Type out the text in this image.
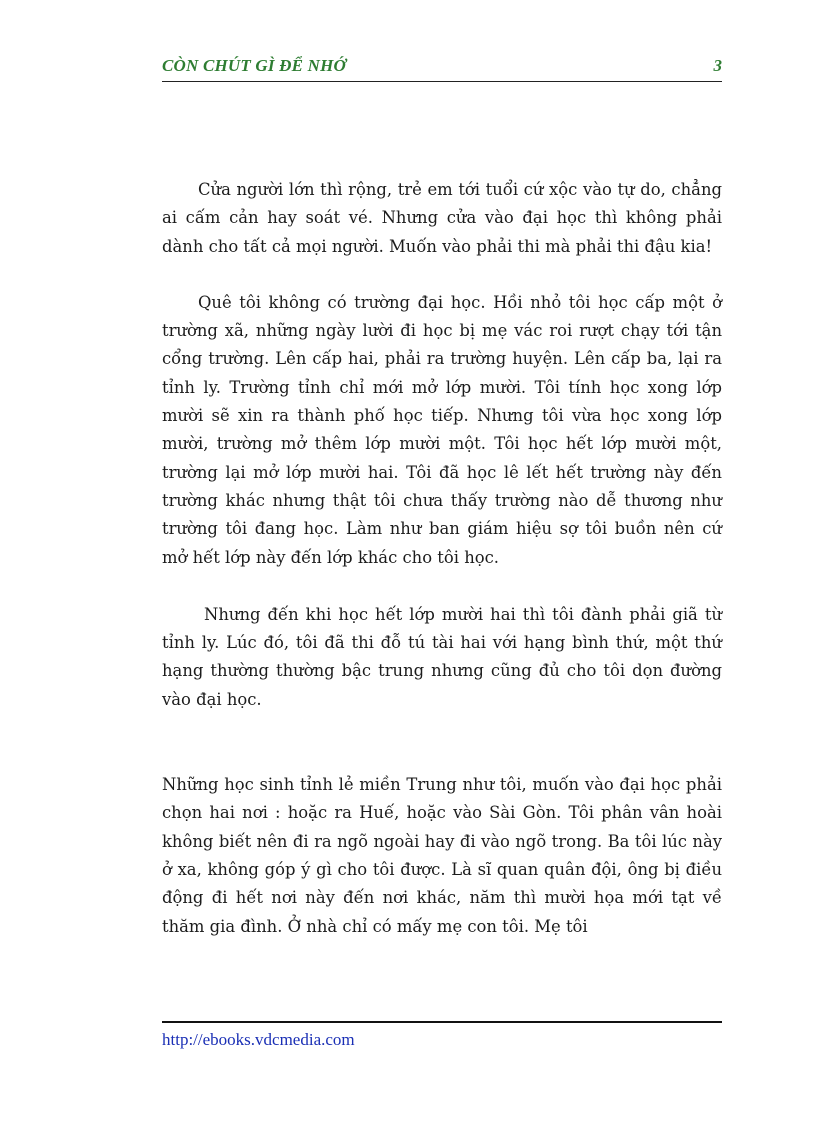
CÒN CHÚT GÌ ĐỂ NHỚ	3

Cửa người lớn thì rộng, trẻ em tới tuổi cứ xộc vào tự do, chẳng ai cấm cản hay soát vé. Nhưng cửa vào đại học thì không phải dành cho tất cả mọi người. Muốn vào phải thi mà phải thi đậu kia!

Quê tôi không có trường đại học. Hồi nhỏ tôi học cấp một ở trường xã, những ngày lười đi học bị mẹ vác roi rượt chạy tới tận cổng trường. Lên cấp hai, phải ra trường huyện. Lên cấp ba, lại ra tỉnh ly. Trường tỉnh chỉ mới mở lớp mười. Tôi tính học xong lớp mười sẽ xin ra thành phố học tiếp. Nhưng tôi vừa học xong lớp mười, trường mở thêm lớp mười một. Tôi học hết lớp mười một, trường lại mở lớp mười hai. Tôi đã học lê lết hết trường này đến trường khác nhưng thật tôi chưa thấy trường nào dễ thương như trường tôi đang học. Làm như ban giám hiệu sợ tôi buồn nên cứ mở hết lớp này đến lớp khác cho tôi học.

Nhưng đến khi học hết lớp mười hai thì tôi đành phải giã từ tỉnh ly. Lúc đó, tôi đã thi đỗ tú tài hai với hạng bình thứ, một thứ hạng thường thường bậc trung nhưng cũng đủ cho tôi dọn đường vào đại học.

Những học sinh tỉnh lẻ miền Trung như tôi, muốn vào đại học phải chọn hai nơi : hoặc ra Huế, hoặc vào Sài Gòn. Tôi phân vân hoài không biết nên đi ra ngõ ngoài hay đi vào ngõ trong. Ba tôi lúc này ở xa, không góp ý gì cho tôi được. Là sĩ quan quân đội, ông bị điều động đi hết nơi này đến nơi khác, năm thì mười họa mới tạt về thăm gia đình. Ở nhà chỉ có mấy mẹ con tôi. Mẹ tôi

http://ebooks.vdcmedia.com
